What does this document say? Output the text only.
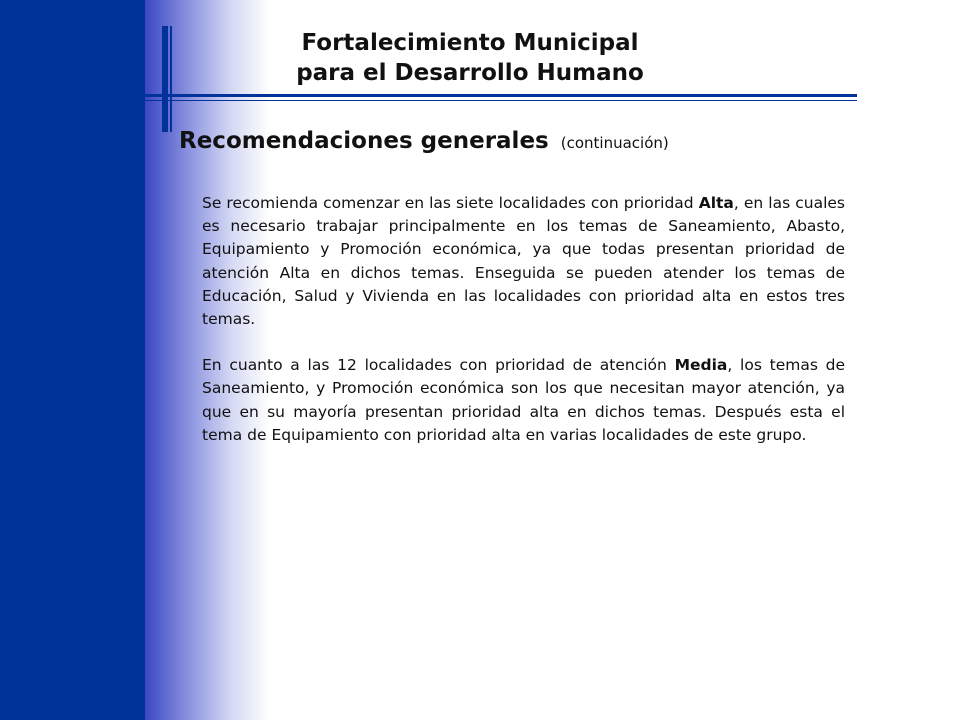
Fortalecimiento Municipal
para el Desarrollo Humano
Recomendaciones generales (continuación)

Se recomienda comenzar en las siete localidades con prioridad Alta, en las cuales es necesario trabajar principalmente en los temas de Saneamiento, Abasto, Equipamiento y Promoción económica, ya que todas presentan prioridad de atención Alta en dichos temas. Enseguida se pueden atender los temas de Educación, Salud y Vivienda en las localidades con prioridad alta en estos tres temas.

En cuanto a las 12 localidades con prioridad de atención Media, los temas de Saneamiento, y Promoción económica son los que necesitan mayor atención, ya que en su mayoría presentan prioridad alta en dichos temas. Después esta el tema de Equipamiento con prioridad alta en varias localidades de este grupo.
